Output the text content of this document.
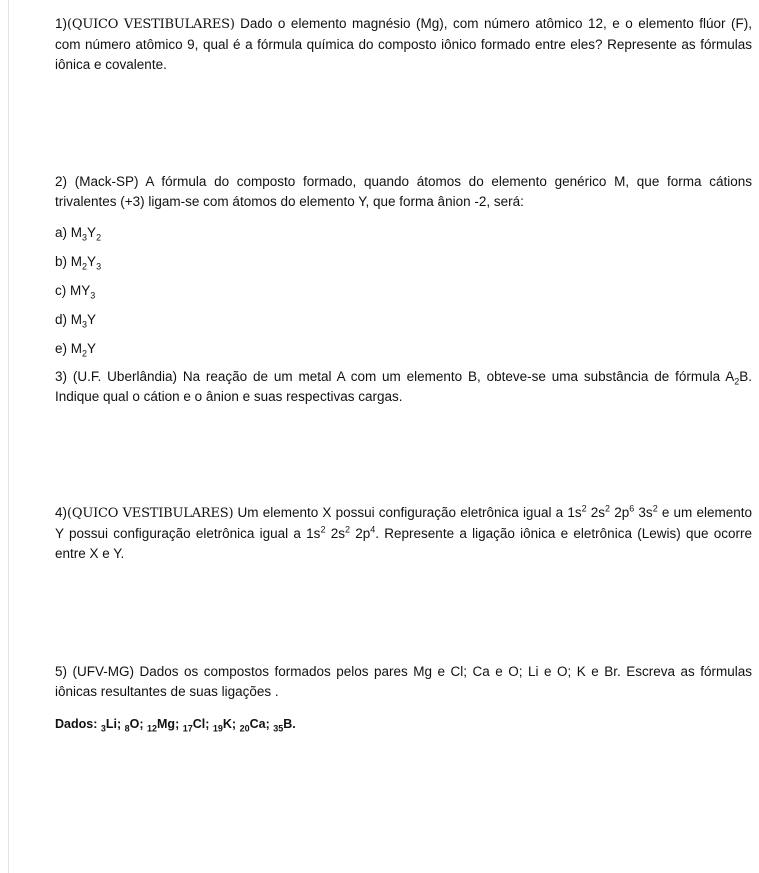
1)(QUICO VESTIBULARES) Dado o elemento magnésio (Mg), com número atômico 12, e o elemento flúor (F), com número atômico 9, qual é a fórmula química do composto iônico formado entre eles? Represente as fórmulas iônica e covalente.

2) (Mack-SP) A fórmula do composto formado, quando átomos do elemento genérico M, que forma cátions trivalentes (+3) ligam-se com átomos do elemento Y, que forma ânion -2, será:

a) $M_3Y_2$

b) $M_2Y_3$

c) $MY_3$

d) $M_3Y$

e) $M_2Y$

3) (U.F. Uberlândia) Na reação de um metal A com um elemento B, obteve-se uma substância de fórmula $A_2B$. Indique qual o cátion e o ânion e suas respectivas cargas.

4)(QUICO VESTIBULARES) Um elemento X possui configuração eletrônica igual a $1s^2$ $2s^2$ $2p^6$ $3s^2$ e um elemento Y possui configuração eletrônica igual a $1s^2$ $2s^2$ $2p^4$. Represente a ligação iônica e eletrônica (Lewis) que ocorre entre X e Y.

5) (UFV-MG) Dados os compostos formados pelos pares Mg e Cl; Ca e O; Li e O; K e Br. Escreva as fórmulas iônicas resultantes de suas ligações .

Dados: $_3$Li; $_8$O; $_{12}$Mg; $_{17}$Cl; $_{19}$K; $_{20}$Ca; $_{35}$B.
